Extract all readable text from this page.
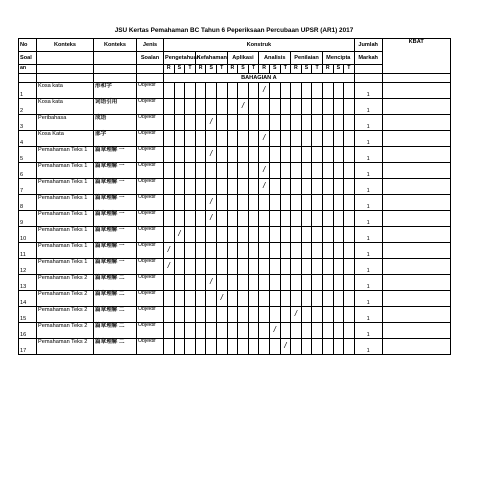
JSU Kertas Pemahaman BC Tahun 6 Peperiksaan Percubaan UPSR (AR1) 2017
No	Konteks	Konteks	Jenis	Konstruk																		Jumlah	KBAT
Soal			Soalan	Pengetahuan			Kefahaman			Aplikasi			Analisis			Penilaian			Mencipta			Markah	
an				R	S	T	R	S	T	R	S	T	R	S	T	R	S	T	R	S	T		
				BAHAGIAN A																			
1	Kosa kata	形和字	Objektif										/									1	
2	Kosa kata	词语引用	Objektif								/											1	
3	Peribahasa	成语	Objektif					/														1	
4	Kosa Kata	部字	Objektif										/									1	
5	Pemahaman Teks 1	篇章理解 一	Objektif					/														1	
6	Pemahaman Teks 1	篇章理解 一	Objektif										/									1	
7	Pemahaman Teks 1	篇章理解 一	Objektif										/									1	
8	Pemahaman Teks 1	篇章理解 一	Objektif					/														1	
9	Pemahaman Teks 1	篇章理解 一	Objektif					/														1	
10	Pemahaman Teks 1	篇章理解 一	Objektif		/																	1	
11	Pemahaman Teks 1	篇章理解 一	Objektif	/																		1	
12	Pemahaman Teks 1	篇章理解 一	Objektif	/																		1	
13	Pemahaman Teks 2	篇章理解 二	Objektif					/														1	
14	Pemahaman Teks 2	篇章理解 二	Objektif						/													1	
15	Pemahaman Teks 2	篇章理解 二	Objektif													/						1	
16	Pemahaman Teks 2	篇章理解 二	Objektif											/								1	
17	Pemahaman Teks 2	篇章理解 二	Objektif												/							1	
